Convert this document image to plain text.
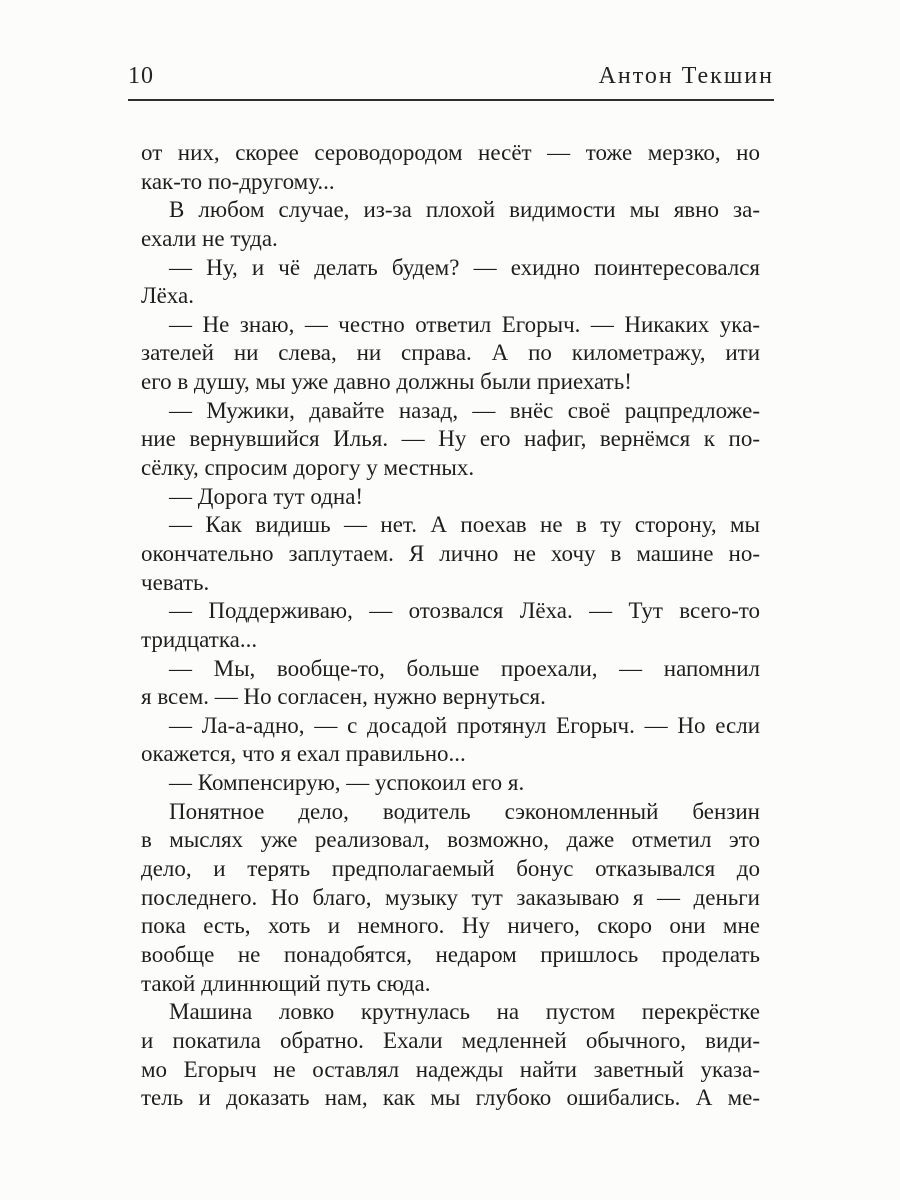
10	Антон Текшин
от них, скорее сероводородом несёт — тоже мерзко, но
как-то по-другому...
В любом случае, из-за плохой видимости мы явно за-
ехали не туда.
— Ну, и чё делать будем? — ехидно поинтересовался
Лёха.
— Не знаю, — честно ответил Егорыч. — Никаких ука-
зателей ни слева, ни справа. А по километражу, ити
его в душу, мы уже давно должны были приехать!
— Мужики, давайте назад, — внёс своё рацпредложе-
ние вернувшийся Илья. — Ну его нафиг, вернёмся к по-
сёлку, спросим дорогу у местных.
— Дорога тут одна!
— Как видишь — нет. А поехав не в ту сторону, мы
окончательно заплутаем. Я лично не хочу в машине но-
чевать.
— Поддерживаю, — отозвался Лёха. — Тут всего-то
тридцатка...
— Мы, вообще-то, больше проехали, — напомнил
я всем. — Но согласен, нужно вернуться.
— Ла-а-адно, — с досадой протянул Егорыч. — Но если
окажется, что я ехал правильно...
— Компенсирую, — успокоил его я.
Понятное дело, водитель сэкономленный бензин
в мыслях уже реализовал, возможно, даже отметил это
дело, и терять предполагаемый бонус отказывался до
последнего. Но благо, музыку тут заказываю я — деньги
пока есть, хоть и немного. Ну ничего, скоро они мне
вообще не понадобятся, недаром пришлось проделать
такой длиннющий путь сюда.
Машина ловко крутнулась на пустом перекрёстке
и покатила обратно. Ехали медленней обычного, види-
мо Егорыч не оставлял надежды найти заветный указа-
тель и доказать нам, как мы глубоко ошибались. А ме-
